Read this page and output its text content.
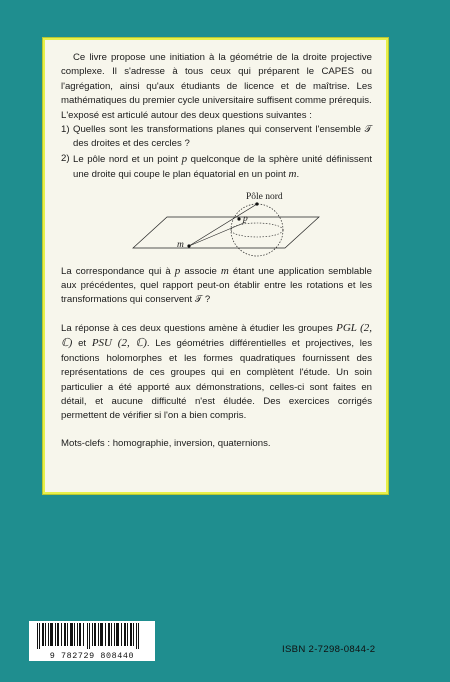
Ce livre propose une initiation à la géométrie de la droite projective complexe. Il s'adresse à tous ceux qui préparent le CAPES ou l'agrégation, ainsi qu'aux étudiants de licence et de maîtrise. Les mathématiques du premier cycle universitaire suffisent comme prérequis.

L'exposé est articulé autour des deux questions suivantes :

1) Quelles sont les transformations planes qui conservent l'ensemble 𝒯 des droites et des cercles ?
2) Le pôle nord et un point p quelconque de la sphère unité définissent une droite qui coupe le plan équatorial en un point m.
Pôle nord
p
m

La correspondance qui à p associe m étant une application semblable aux précédentes, quel rapport peut-on établir entre les rotations et les transformations qui conservent 𝒯 ?

La réponse à ces deux questions amène à étudier les groupes PGL (2, ℂ) et PSU (2, ℂ). Les géométries différentielles et projectives, les fonctions holomorphes et les formes quadratiques fournissent des représentations de ces groupes qui en complètent l'étude. Un soin particulier a été apporté aux démonstrations, celles-ci sont faites en détail, et aucune difficulté n'est éludée. Des exercices corrigés permettent de vérifier si l'on a bien compris.

Mots-clefs : homographie, inversion, quaternions.

9 782729 808440
ISBN 2-7298-0844-2
